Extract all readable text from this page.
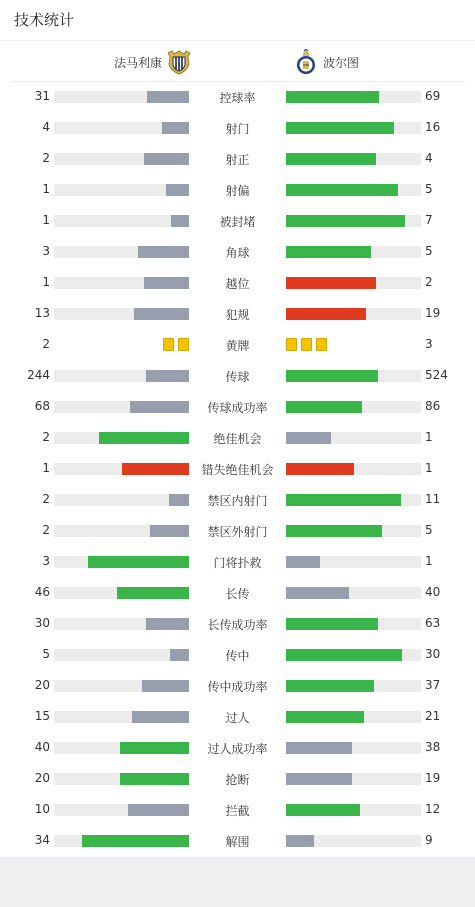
技术统计
法马利康	波尔图
31	控球率	69
4	射门	16
2	射正	4
1	射偏	5
1	被封堵	7
3	角球	5
1	越位	2
13	犯规	19
2	黄牌	3
244	传球	524
68	传球成功率	86
2	绝佳机会	1
1	错失绝佳机会	1
2	禁区内射门	11
2	禁区外射门	5
3	门将扑救	1
46	长传	40
30	长传成功率	63
5	传中	30
20	传中成功率	37
15	过人	21
40	过人成功率	38
20	抢断	19
10	拦截	12
34	解围	9
